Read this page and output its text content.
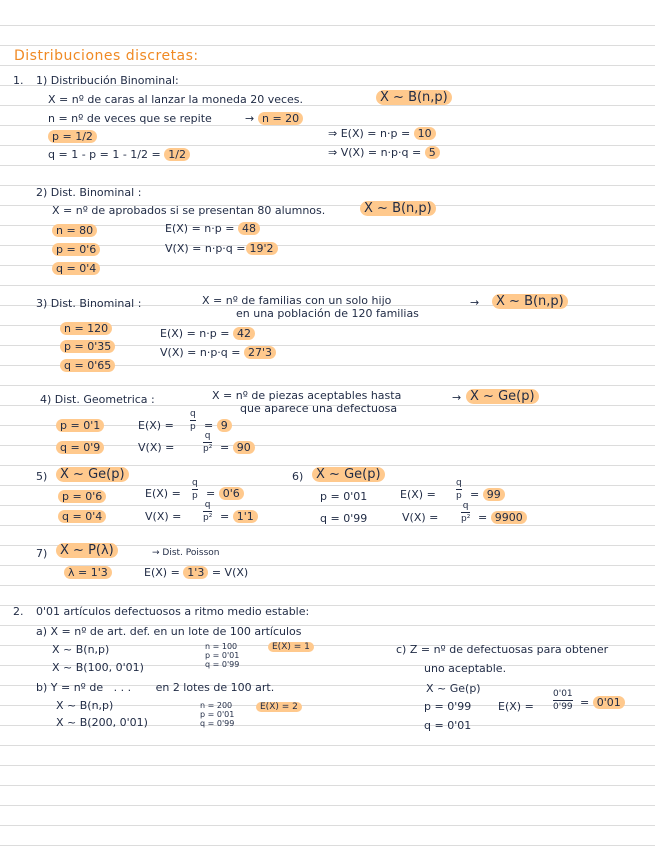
Distribuciones discretas:
1. 1) Distribución Binominal:
X = nº de caras al lanzar la moneda 20 veces.	X ~ B(n,p)
n = nº de veces que se repite	→ n = 20
p = 1/2	⇒ E(X) = n·p = 10
q = 1 - p = 1 - 1/2 = 1/2	⇒ V(X) = n·p·q = 5
2) Dist. Binominal :
X = nº de aprobados si se presentan 80 alumnos.	X ~ B(n,p)
n = 80	E(X) = n·p = 48
p = 0'6	V(X) = n·p·q = 19'2
q = 0'4
3) Dist. Binominal :	X = nº de familias con un solo hijo
en una población de 120 familias
→	X ~ B(n,p)
n = 120	E(X) = n·p = 42
p = 0'35	V(X) = n·p·q = 27'3
q = 0'65
4) Dist. Geometrica :	X = nº de piezas aceptables hasta
que aparece una defectuosa
→ X ~ Ge(p)
p = 0'1	E(X) =
q
p = 9
q = 0'9	V(X) =
q
p² = 90
5) X ~ Ge(p)
p = 0'6	E(X) =
q
p = 0'6
q = 0'4	V(X) =
q
p² = 1'1
6) X ~ Ge(p)
p = 0'01	E(X) =
q
p = 99
q = 0'99	V(X) =
q
p² = 9900
7) X ~ P(λ)	→ Dist. Poisson
λ = 1'3	E(X) = 1'3 = V(X)
2. 0'01 artículos defectuosos a ritmo medio estable:
a) X = nº de art. def. en un lote de 100 artículos
X ~ B(n,p)
X ~ B(100, 0'01)
n = 100
p = 0'01
q = 0'99
E(X) = 1
b) Y = nº de . . . en 2 lotes de 100 art.
X ~ B(n,p)
X ~ B(200, 0'01)
n = 200
p = 0'01
q = 0'99
E(X) = 2
c) Z = nº de defectuosas para obtener
uno aceptable.
X ~ Ge(p)
p = 0'99 E(X) =
0'01
0'99 = 0'01
q = 0'01
